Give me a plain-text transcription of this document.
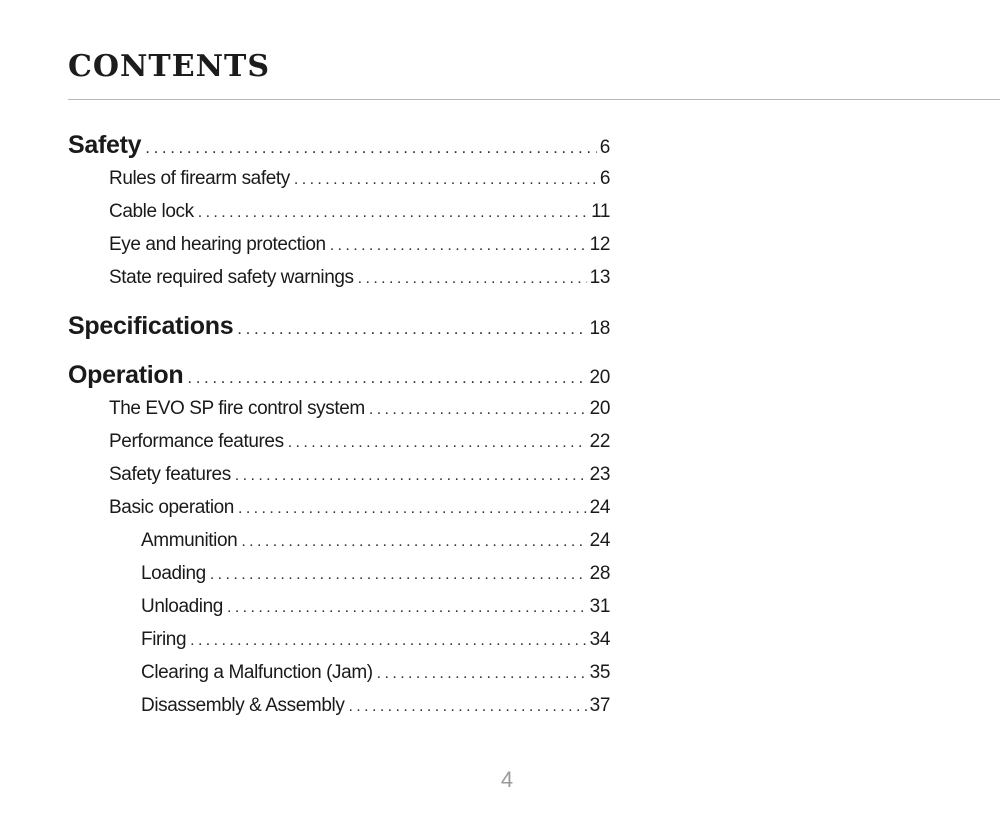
CONTENTS
Safety .....	6
Rules of firearm safety .....	6
Cable lock .....	11
Eye and hearing protection .....	12
State required safety warnings .....	13
Specifications .....	18
Operation .....	20
The EVO SP fire control system .....	20
Performance features .....	22
Safety features .....	23
Basic operation .....	24
Ammunition .....	24
Loading .....	28
Unloading .....	31
Firing .....	34
Clearing a Malfunction (Jam) .....	35
Disassembly & Assembly .....	37
4
